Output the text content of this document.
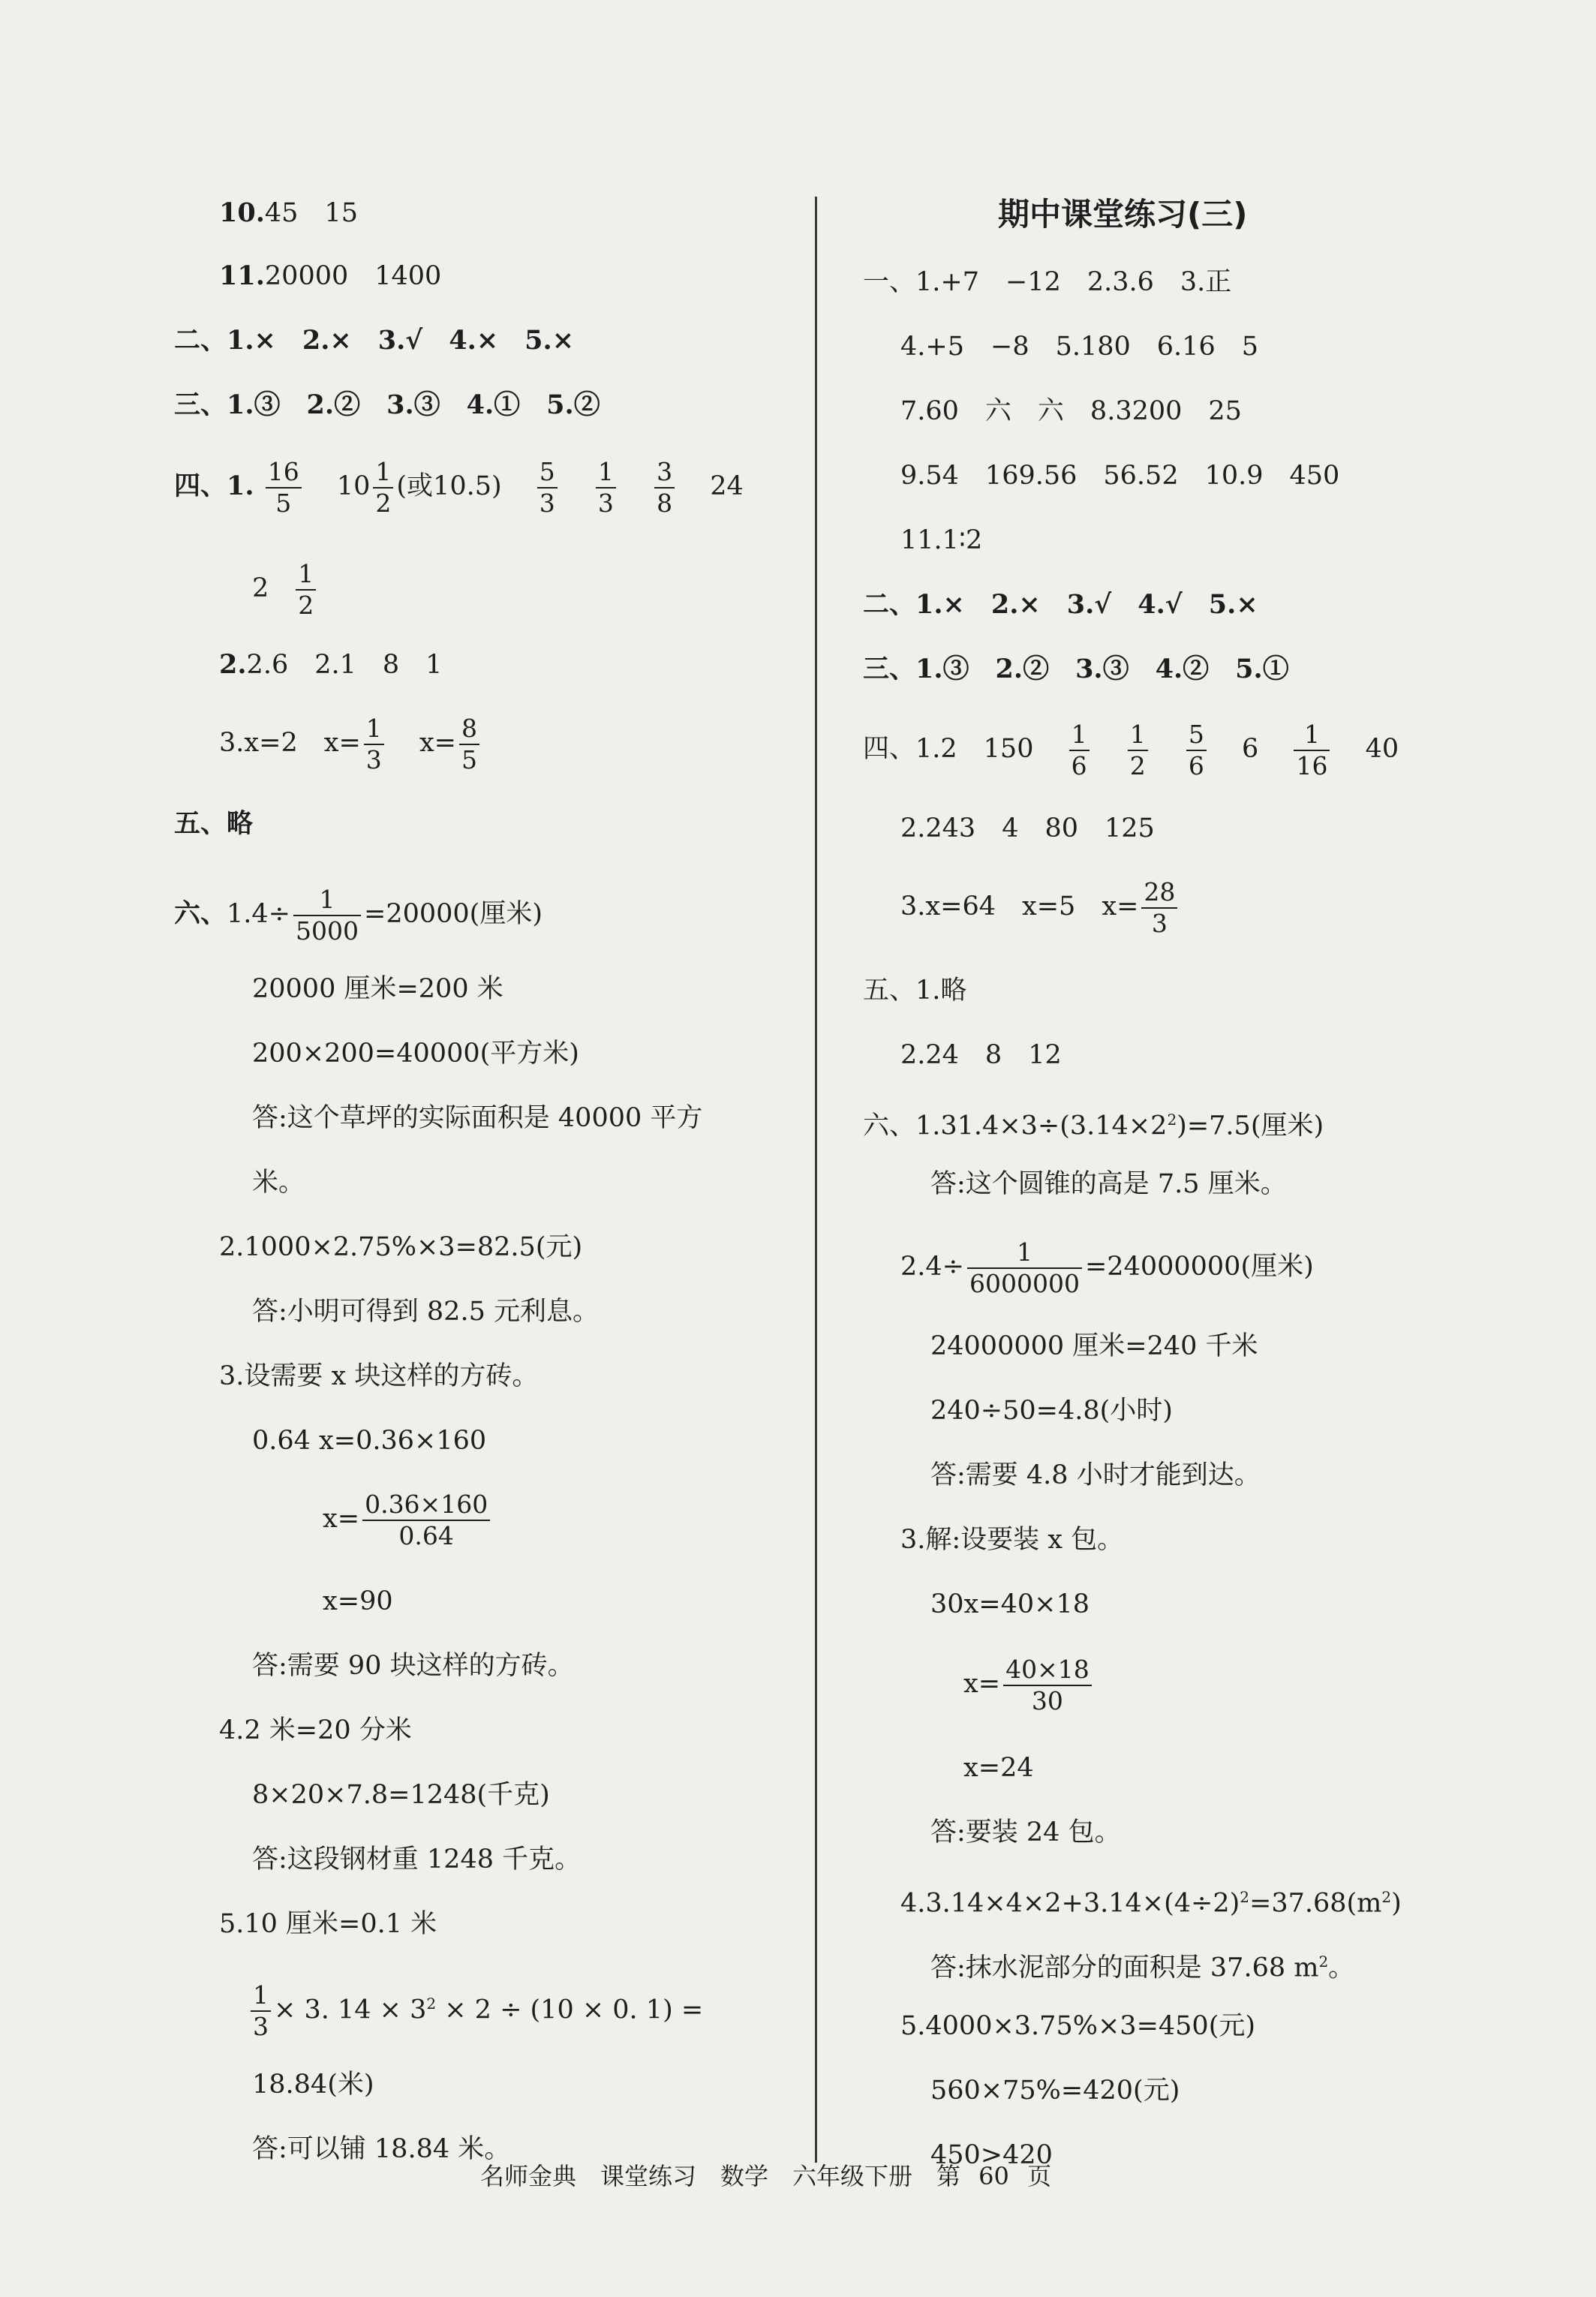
10.45　15
11.20000　1400
二、1.×　2.×　3.√　4.×　5.×
三、1.③　2.②　3.③　4.①　5.②
四、1. $\frac{16}{5} 10 \frac{1}{2}$ (或$10.5) \frac{5}{3}$
$\frac{1}{3}$
$\frac{3}{8} 24$
$2 \frac{1}{2}$
2.2.6　2.1　8　1
3.x=2　$x= \frac{1}{3} x= \frac{8}{5}$
五、略
六、$1.4\div \frac{1}{5000} =20000$(厘米)
20000 厘米=200 米
200×200=40000(平方米)
答:这个草坪的实际面积是 40000 平方
米。
2.1000×2.75%×3=82.5(元)
答:小明可得到 82.5 元利息。
3.设需要 x 块这样的方砖。
0.64 x=0.36×160
$x= \frac{0.36\times 160}{0.64}$
x=90
答:需要 90 块这样的方砖。
4.2 米=20 分米
8×20×7.8=1248(千克)
答:这段钢材重 1248 千克。
5.10 厘米=0.1 米
$\frac{1}{3} \times 3$. $14 \times 3^2 \times 2 \div (10 \times 0$. 1) =
18.84(米)
答:可以铺 18.84 米。
期中课堂练习(三)
一、1.+7　−12　2.3.6　3.正
4.+5　−8　5.180　6.16　5
7.60　六　六　8.3200　25
9.54　169.56　56.52　10.9　450
11.1∶2
二、1.×　2.×　3.√　4.√　5.×
三、1.③　2.②　3.③　4.②　5.①
四、1.2　$150 \frac{1}{6}$
$\frac{1}{2}$
$\frac{5}{6} 6 \frac{1}{16} 40$
2.243　4　80　125
3.x=64　x=5　$x= \frac{28}{3}$
五、1.略
2.24　8　12
六、$1.31.4\times 3\div(3.14\times 2^2)=7.5$(厘米)
答:这个圆锥的高是 7.5 厘米。
$2.4\div \frac{1}{6000000} =24000000$(厘米)
24000000 厘米=240 千米
240÷50=4.8(小时)
答:需要 4.8 小时才能到达。
3.解:设要装 x 包。
30x=40×18
$x= \frac{40\times 18}{30}$
x=24
答:要装 24 包。
$4.3.14\times 4\times 2+3.14\times(4\div 2)^2=37.68(m^2)$
答:抹水泥部分的面积是 37.68 $m^2$。
5.4000×3.75%×3=450(元)
560×75%=420(元)
450>420
名师金典　课堂练习　数学　六年级下册　第 60 页
